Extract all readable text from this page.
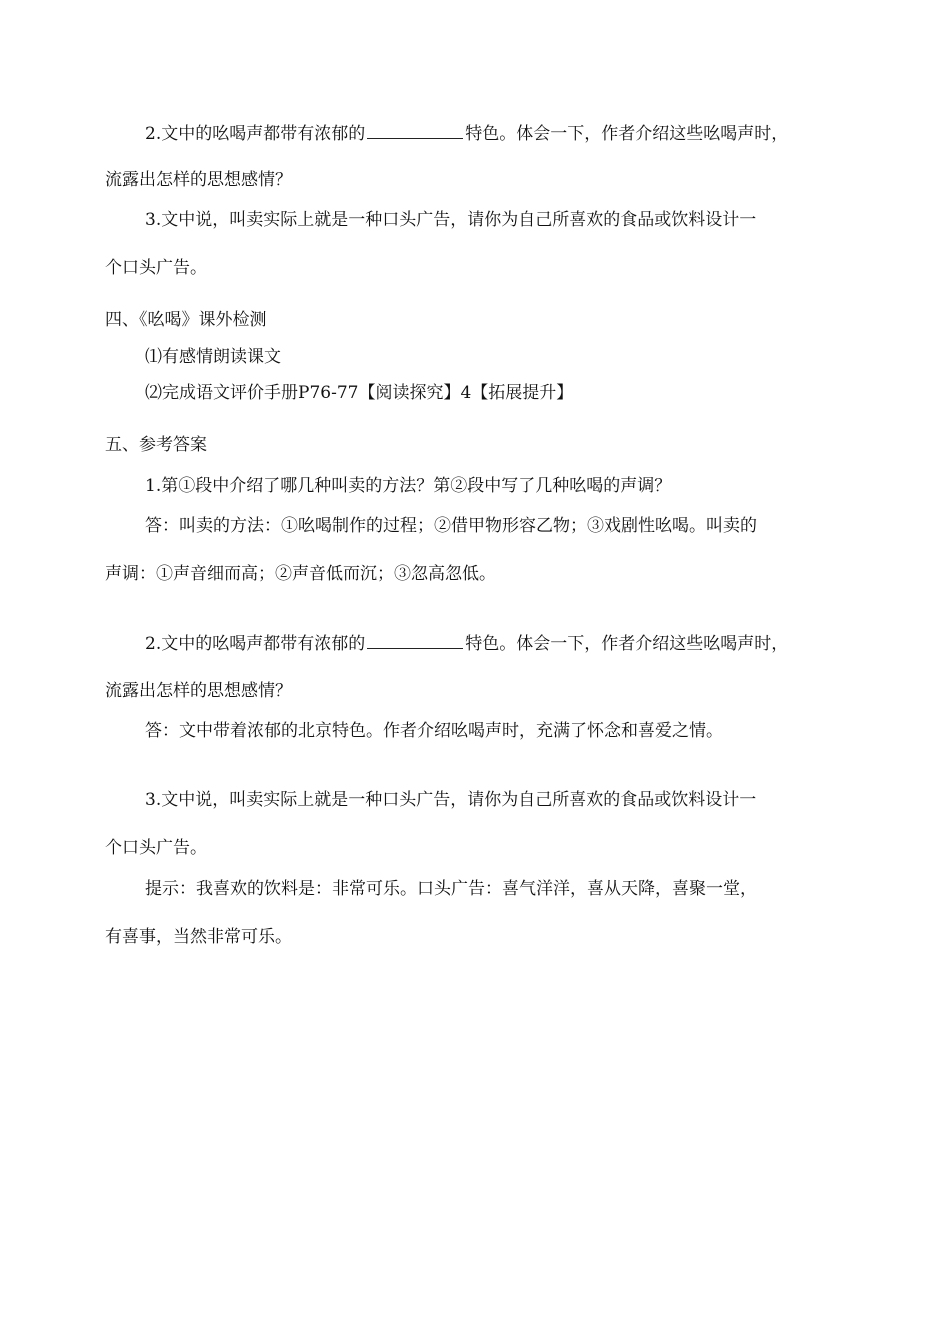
2.文中的吆喝声都带有浓郁的	特色。体会一下，作者介绍这些吆喝声时，
流露出怎样的思想感情？
3.文中说，叫卖实际上就是一种口头广告，请你为自己所喜欢的食品或饮料设计一
个口头广告。
四、《吆喝》课外检测
⑴有感情朗读课文
⑵完成语文评价手册P76-77【阅读探究】4【拓展提升】
五、参考答案
1.第①段中介绍了哪几种叫卖的方法？第②段中写了几种吆喝的声调？
答：叫卖的方法：①吆喝制作的过程；②借甲物形容乙物；③戏剧性吆喝。叫卖的
声调：①声音细而高；②声音低而沉；③忽高忽低。
2.文中的吆喝声都带有浓郁的	特色。体会一下，作者介绍这些吆喝声时，
流露出怎样的思想感情？
答：文中带着浓郁的北京特色。作者介绍吆喝声时，充满了怀念和喜爱之情。
3.文中说，叫卖实际上就是一种口头广告，请你为自己所喜欢的食品或饮料设计一
个口头广告。
提示：我喜欢的饮料是：非常可乐。口头广告：喜气洋洋，喜从天降，喜聚一堂，
有喜事，当然非常可乐。
